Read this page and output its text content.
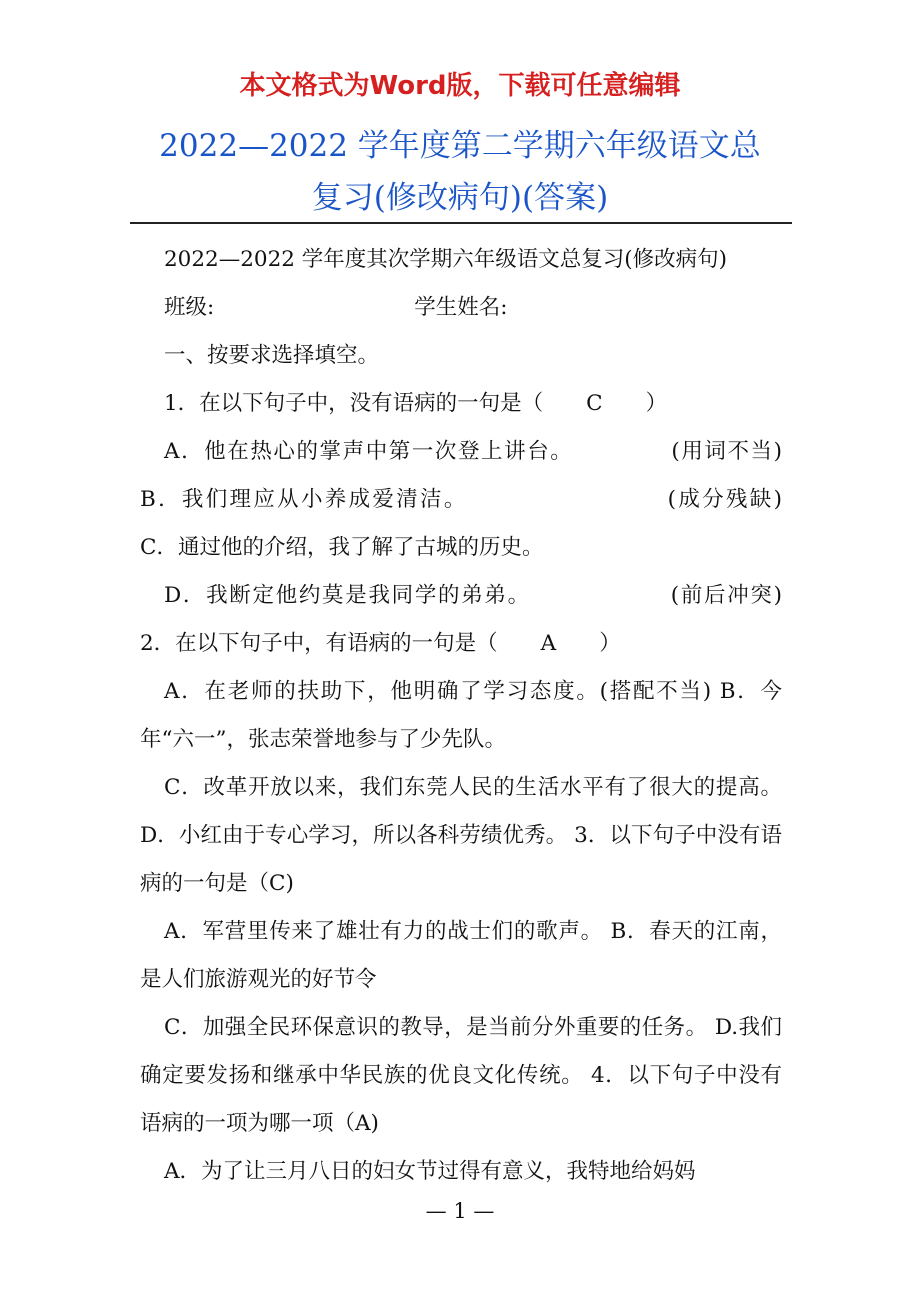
本文格式为Word版，下载可任意编辑
2022—2022 学年度第二学期六年级语文总
复习(修改病句)(答案)

2022—2022 学年度其次学期六年级语文总复习(修改病句)

班级:	学生姓名:

一、按要求选择填空。

1．在以下句子中，没有语病的一句是（　　C　　）

A．他在热心的掌声中第一次登上讲台。	(用词不当) B．我们理应从小养成爱清洁。	(成分残缺) C．通过他的介绍，我了解了古城的历史。

D．我断定他约莫是我同学的弟弟。	(前后冲突) 2．在以下句子中，有语病的一句是（　　A　　）

A．在老师的扶助下，他明确了学习态度。(搭配不当) B．今年“六一”，张志荣誉地参与了少先队。

C．改革开放以来，我们东莞人民的生活水平有了很大的提高。 D．小红由于专心学习，所以各科劳绩优秀。 3．以下句子中没有语病的一句是（C)

A．军营里传来了雄壮有力的战士们的歌声。 B．春天的江南，是人们旅游观光的好节令

C．加强全民环保意识的教导，是当前分外重要的任务。 D.我们确定要发扬和继承中华民族的优良文化传统。 4．以下句子中没有语病的一项为哪一项（A)

A．为了让三月八日的妇女节过得有意义，我特地给妈妈

— 1 —
